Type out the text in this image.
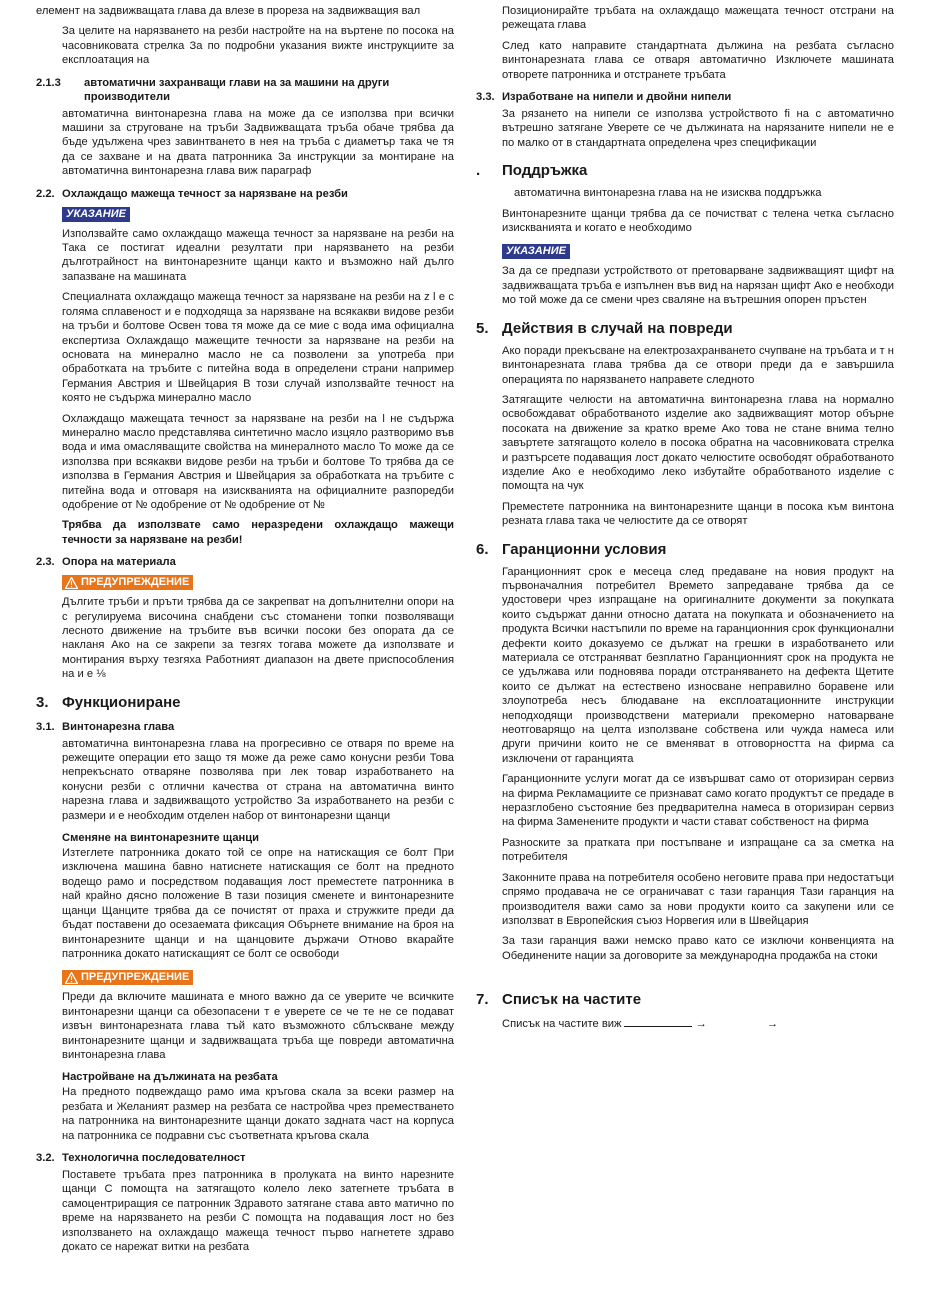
елемент на задвижващата глава да влезе в прореза на задвижващия вал

За целите на нарязването на резби настройте на на въртене по посока на часовниковата стрелка За по подробни указания вижте инструкциите за експлоатация на

2.1.3	автоматични захранващи глави на за машини на други производители

автоматична винтонарезна глава на може да се използва при всички машини за струговане на тръби Задвижващата тръба обаче трябва да бъде удължена чрез завинтването в нея на тръба с диаметър така че тя да се захване и на двата патронника За инструкции за монтиране на автоматична винтонарезна глава виж параграф

2.2. Охлаждащо мажеща течност за нарязване на резби
УКАЗАНИЕ

Използвайте само охлаждащо мажеща течност за нарязване на резби на Така се постигат идеални резултати при нарязването на резби дълготрайност на винтонарезните щанци както и възможно най дълго запазване на машината

Специалната охлаждащо мажеща течност за нарязване на резби на z l e с голяма сплавеност и е подходяща за нарязване на всякакви видове резби на тръби и болтове Освен това тя може да се мие с вода има официална експертиза Охлаждащо мажещите течности за нарязване на резби на основата на минерално масло не са позволени за употреба при обработката на тръбите с питейна вода в определени страни например Германия Австрия и Швейцария В този случай използвайте течност на която не съдържа минерално масло

Охлаждащо мажещата течност за нарязване на резби на l не съдържа минерално масло представлява синтетично масло изцяло разтворимо във вода и има омасляващите свойства на минералното масло То може да се използва при всякакви видове резби на тръби и болтове То трябва да се използва в Германия Австрия и Швейцария за обработката на тръбите с питейна вода и отговаря на изискванията на официалните разпоредби одобрение от № одобрение от № одобрение от №

Трябва да използвате само неразредени охлаждащо мажещи течности за нарязване на резби!

2.3. Опора на материала
ПРЕДУПРЕЖДЕНИЕ

Дългите тръби и пръти трябва да се закрепват на допълнителни опори на с регулируема височина снабдени със стоманени топки позволяващи лесното движение на тръбите във всички посоки без опората да се накланя Ако на се закрепи за тезгях тогава можете да използвате и монтирания върху тезгяха Работният диапазон на двете приспособления на и е ⅛

3. Функциониране
3.1. Винтонарезна глава

автоматична винтонарезна глава на прогресивно се отваря по време на режещите операции ето защо тя може да реже само конусни резби Това непрекъснато отваряне позволява при лек товар изработването на конусни резби с отлични качества от страна на автоматична винто нарезна глава и задвижващото устройство За изработването на резби с размери и е необходим отделен набор от винтонарезни щанци

Сменяне на винтонарезните щанци

Изтеглете патронника докато той се опре на натискащия се болт При изключена машина бавно натиснете натискащия се болт на предното водещо рамо и посредством подаващия лост преместете патронника в най крайно дясно положение В тази позиция сменете и винтонарезните щанци Щанците трябва да се почистят от праха и стружките преди да бъдат поставени до осезаемата фиксация Обърнете внимание на броя на винтонарезните щанци и на щанцовите държачи Отново вкарайте патронника докато натискащият се болт се освободи

ПРЕДУПРЕЖДЕНИЕ

Преди да включите машината е много важно да се уверите че всичките винтонарезни щанци са обезопасени т е уверете се че те не се подават извън винтонарезната глава тъй като възможното сблъскване между винтонарезните щанци и задвижващата тръба ще повреди автоматична винтонарезна глава

Настройване на дължината на резбата

На предното подвеждащо рамо има кръгова скала за всеки размер на резбата и Желаният размер на резбата се настройва чрез преместването на патронника на винтонарезните щанци докато задната част на корпуса на патронника се подравни със съответната кръгова скала

3.2. Технологична последователност

Поставете тръбата през патронника в пролуката на винто нарезните щанци С помощта на затягащото колело леко затегнете тръбата в самоцентриращия се патронник Здравото затягане става авто матично по време на нарязването на резби С помощта на подаващия лост но без използването на охлаждащо мажеща течност първо нагнетете здраво докато се нарежат витки на резбата

Позиционирайте тръбата на охлаждащо мажещата течност отстрани на режещата глава

След като направите стандартната дължина на резбата съгласно винтонарезната глава се отваря автоматично Изключете машината отворете патронника и отстранете тръбата

3.3. Изработване на нипели и двойни нипели

За рязането на нипели се използва устройството fi на с автоматично вътрешно затягане Уверете се че дължината на нарязаните нипели не е по малко от в стандартната определена чрез спецификации

.	Поддръжка

автоматична винтонарезна глава на не изисква поддръжка

Винтонарезните щанци трябва да се почистват с телена четка съгласно изискванията и когато е необходимо

УКАЗАНИЕ

За да се предпази устройството от претоварване задвижващият щифт на задвижващата тръба е изпълнен във вид на нарязан щифт Ако е необходи мо той може да се смени чрез сваляне на вътрешния опорен пръстен

5. Действия в случай на повреди

Ако поради прекъсване на електрозахранването счупване на тръбата и т н винтонарезната глава трябва да се отвори преди да е завършила операцията по нарязването направете следното

Затягащите челюсти на автоматична винтонарезна глава на нормално освобождават обработваното изделие ако задвижващият мотор обърне посоката на движение за кратко време Ако това не стане внима телно завъртете затягащото колело в посока обратна на часовниковата стрелка и разтърсете подаващия лост докато челюстите освободят обработваното изделие Ако е необходимо леко избутайте обработваното изделие с помощта на чук

Преместете патронника на винтонарезните щанци в посока към винтона резната глава така че челюстите да се отворят

6. Гаранционни условия

Гаранционният срок е месеца след предаване на новия продукт на първоначалния потребител Времето запредаване трябва да се удостовери чрез изпращане на оригиналните документи за покупката които съдържат данни относно датата на покупката и обозначението на продукта Всички настъпили по време на гаранционния срок функционални дефекти които доказуемо се дължат на грешки в изработването или материала се отстраняват безплатно Гаранционният срок на продукта не се удължава или подновява поради отстраняването на дефекта Щетите които се дължат на естествено износване неправилно боравене или злоупотреба несъ блюдаване на експлоатационните инструкции неподходящи производствени материали прекомерно натоварване неотговарящо на целта използване собствена или чужда намеса или други причини които не се вменяват в отговорността на фирма са изключени от гаранцията

Гаранционните услуги могат да се извършват само от оторизиран сервиз на фирма Рекламациите се признават само когато продуктът се предаде в неразглобено състояние без предварителна намеса в оторизиран сервиз на фирма Заменените продукти и части стават собственост на фирма

Разноските за пратката при постъпване и изпращане са за сметка на потребителя

Законните права на потребителя особено неговите права при недостатъци спрямо продавача не се ограничават с тази гаранция Тази гаранция на производителя важи само за нови продукти които са закупени или се използват в Европейския съюз Норвегия или в Швейцария

За тази гаранция важи немско право като се изключи конвенцията на Обединените нации за договорите за международна продажба на стоки

7. Списък на частите
Списък на частите виж	→	→
